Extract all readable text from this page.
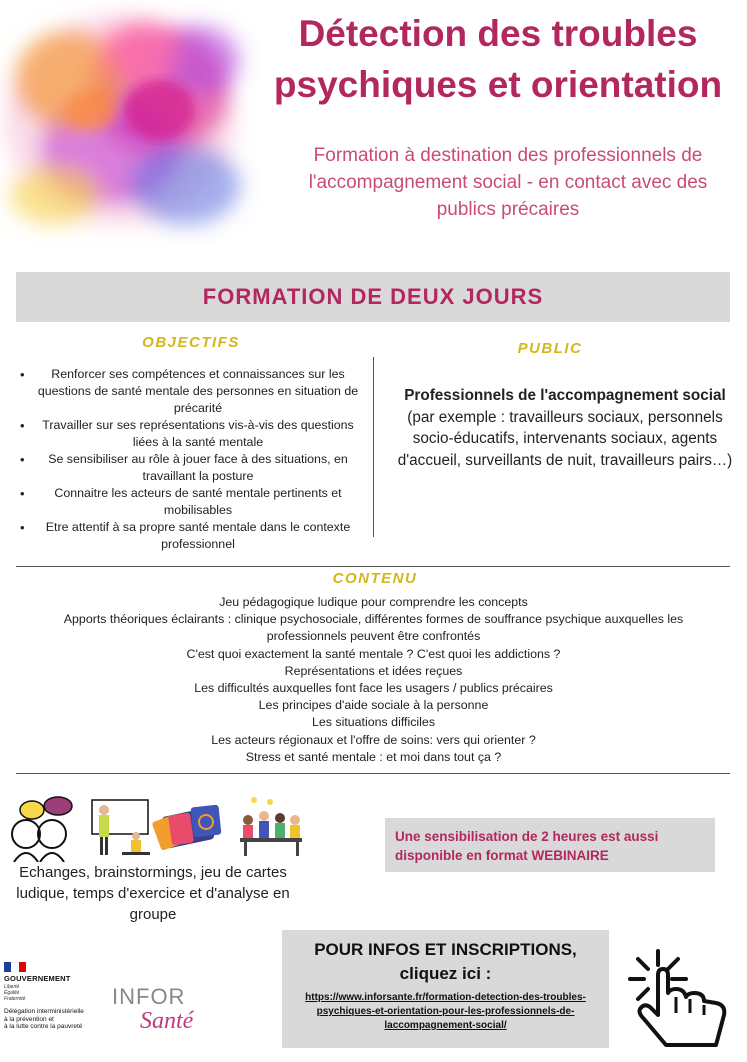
Détection des troubles
psychiques et orientation
Formation à destination des professionnels de
l'accompagnement social - en contact avec des
publics précaires
FORMATION DE DEUX JOURS
OBJECTIFS
• Renforcer ses compétences et connaissances sur les questions de santé mentale des personnes en situation de précarité
• Travailler sur ses représentations vis-à-vis des questions liées à la santé mentale
• Se sensibiliser au rôle à jouer face à des situations, en travaillant la posture
• Connaitre les acteurs de santé mentale pertinents et mobilisables
• Etre attentif à sa propre santé mentale dans le contexte professionnel
PUBLIC
Professionnels de l'accompagnement social (par exemple : travailleurs sociaux, personnels socio-éducatifs, intervenants sociaux, agents d'accueil, surveillants de nuit, travailleurs pairs…)
CONTENU
Jeu pédagogique ludique pour comprendre les concepts
Apports théoriques éclairants : clinique psychosociale, différentes formes de souffrance psychique auxquelles les
professionnels peuvent être confrontés
C'est quoi exactement la santé mentale ? C'est quoi les addictions ?
Représentations et idées reçues
Les difficultés auxquelles font face les usagers / publics précaires
Les principes d'aide sociale à la personne
Les situations difficiles
Les acteurs régionaux et l'offre de soins: vers qui orienter ?
Stress et santé mentale : et moi dans tout ça ?
Echanges, brainstormings, jeu de cartes ludique, temps d'exercice et d'analyse en groupe
Une sensibilisation de 2 heures est aussi disponible en format WEBINAIRE
POUR INFOS ET INSCRIPTIONS,
cliquez ici :
https://www.inforsante.fr/formation-detection-des-troubles-psychiques-et-orientation-pour-les-professionnels-de-laccompagnement-social/
GOUVERNEMENT
Liberté
Égalité
Fraternité
Délégation interministérielle
à la prévention et
à la lutte contre la pauvreté
INFOR
Santé
